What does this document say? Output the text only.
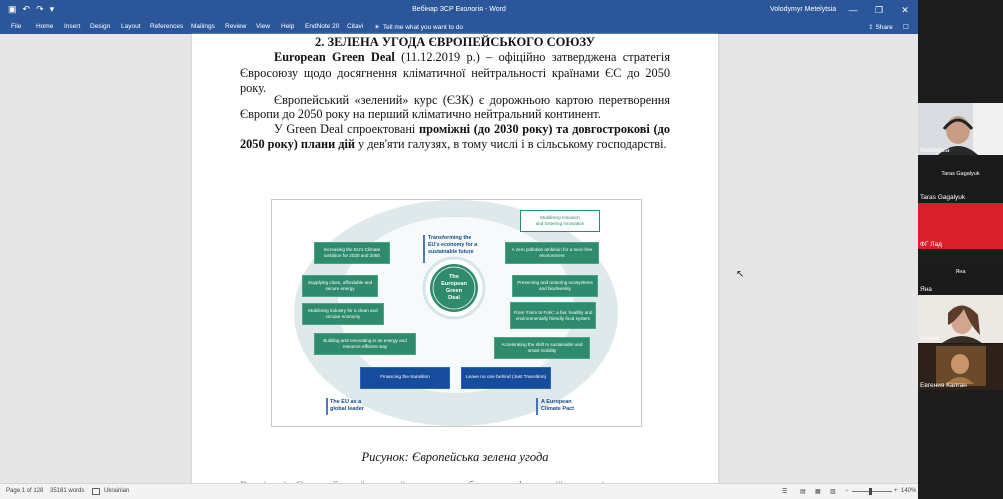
▣ ↶ ↷ ▾	Вебінар ЗСР Екологія - Word	Volodymyr Metelytsia	—	❐	✕
File Home Insert Design Layout References Mailings Review View Help EndNote 20 Citavi ☀ Tell me what you want to do	⇪ Share ☐
2. ЗЕЛЕНА УГОДА ЄВРОПЕЙСЬКОГО СОЮЗУ
European Green Deal (11.12.2019 р.) – офіційно затверджена стратегія
Євросоюзу щодо досягнення кліматичної нейтральності країнами ЄС до 2050
року.
Європейський «зелений» курс (ЄЗК) є дорожньою картою перетворення
Європи до 2050 року на перший кліматично нейтральний континент.
У Green Deal спроектовані проміжні (до 2030 року) та довгострокові (до
2050 року) плани дій у дев'яти галузях, в тому числі і в сільському господарстві.
Transforming the
EU's economy for a
sustainable future
The
European
Green
Deal
Mobilising research
and fostering innovation
Increasing the EU's Climate ambition for 2030 and 2050
Supplying clean, affordable and secure energy
Mobilising industry for a clean and circular economy
Building and renovating in an energy and resource efficient way
A zero pollution ambition for a toxic-free environment
Preserving and restoring ecosystems and biodiversity
From 'Farm to Fork': a fair, healthy and environmentally friendly food system
Accelerating the shift to sustainable and smart mobility
Financing the transition	Leave no one behind (Just Transition)
The EU as a
global leader
A European
Climate Pact
Рисунок: Європейська зелена угода
↖
Page 1 of 128 35181 words	Ukrainian	☰ ▤ ▦ ▥ −	+ 140%
Metelytsia
Taras Gagalyuk
Taras Gagalyuk
ФГ Лад
Яна
Яна
Олена
Евгения Калган
